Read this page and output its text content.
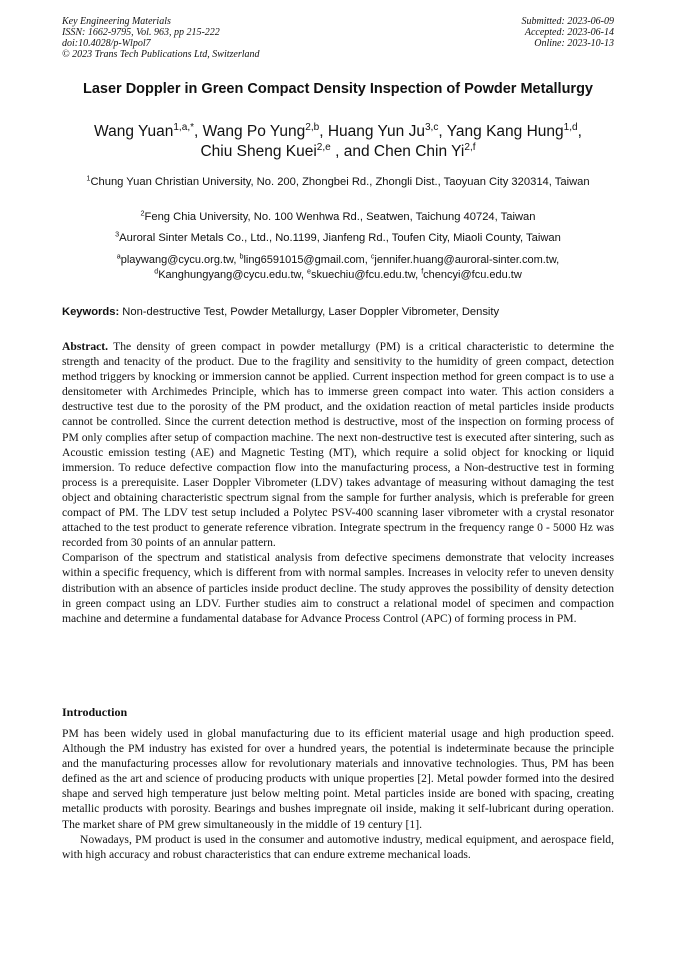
Key Engineering Materials
ISSN: 1662-9795, Vol. 963, pp 215-222
doi:10.4028/p-Wlpol7
© 2023 Trans Tech Publications Ltd, Switzerland
Submitted: 2023-06-09
Accepted: 2023-06-14
Online: 2023-10-13
Laser Doppler in Green Compact Density Inspection of Powder Metallurgy
Wang Yuan$^{1,a,*}$, Wang Po Yung$^{2,b}$, Huang Yun Ju$^{3,c}$, Yang Kang Hung$^{1,d}$,
Chiu Sheng Kuei$^{2,e}$ , and Chen Chin Yi$^{2,f}$
$^1$Chung Yuan Christian University, No. 200, Zhongbei Rd., Zhongli Dist., Taoyuan City 320314, Taiwan
$^2$Feng Chia University, No. 100 Wenhwa Rd., Seatwen, Taichung 40724, Taiwan
$^3$Auroral Sinter Metals Co., Ltd., No.1199, Jianfeng Rd., Toufen City, Miaoli County, Taiwan
$^a$playwang@cycu.org.tw, $^b$ling6591015@gmail.com, $^c$jennifer.huang@auroral-sinter.com.tw,
$^d$Kanghungyang@cycu.edu.tw, $^e$skuechiu@fcu.edu.tw, $^f$chencyi@fcu.edu.tw
Keywords: Non-destructive Test, Powder Metallurgy, Laser Doppler Vibrometer, Density

Abstract. The density of green compact in powder metallurgy (PM) is a critical characteristic to determine the strength and tenacity of the product. Due to the fragility and sensitivity to the humidity of green compact, detection method triggers by knocking or immersion cannot be applied. Current inspection method for green compact is to use a densitometer with Archimedes Principle, which has to immerse green compact into water. This action considers a destructive test due to the porosity of the PM product, and the oxidation reaction of metal particles inside products cannot be controlled. Since the current detection method is destructive, most of the inspection on forming process of PM only complies after setup of compaction machine. The next non-destructive test is executed after sintering, such as Acoustic emission testing (AE) and Magnetic Testing (MT), which require a solid object for knocking or liquid immersion. To reduce defective compaction flow into the manufacturing process, a Non-destructive test in forming process is a prerequisite. Laser Doppler Vibrometer (LDV) takes advantage of measuring without damaging the test object and obtaining characteristic spectrum signal from the sample for further analysis, which is preferable for green compact of PM. The LDV test setup included a Polytec PSV-400 scanning laser vibrometer with a crystal resonator attached to the test product to generate reference vibration. Integrate spectrum in the frequency range 0 - 5000 Hz was recorded from 30 points of an annular pattern.

Comparison of the spectrum and statistical analysis from defective specimens demonstrate that velocity increases within a specific frequency, which is different from with normal samples. Increases in velocity refer to uneven density distribution with an absence of particles inside product decline. The study approves the possibility of density detection in green compact using an LDV. Further studies aim to construct a relational model of specimen and compaction machine and determine a fundamental database for Advance Process Control (APC) of forming process in PM.

Introduction

PM has been widely used in global manufacturing due to its efficient material usage and high production speed. Although the PM industry has existed for over a hundred years, the potential is indeterminate because the principle and the manufacturing processes allow for revolutionary materials and innovative technologies. Thus, PM has been defined as the art and science of producing products with unique properties [2]. Metal powder formed into the desired shape and served high temperature just below melting point. Metal particles inside are boned with spacing, creating metallic products with porosity. Bearings and bushes impregnate oil inside, making it self-lubricant during operation. The market share of PM grew simultaneously in the middle of 19 century [1].

Nowadays, PM product is used in the consumer and automotive industry, medical equipment, and aerospace field, with high accuracy and robust characteristics that can endure extreme mechanical loads.
